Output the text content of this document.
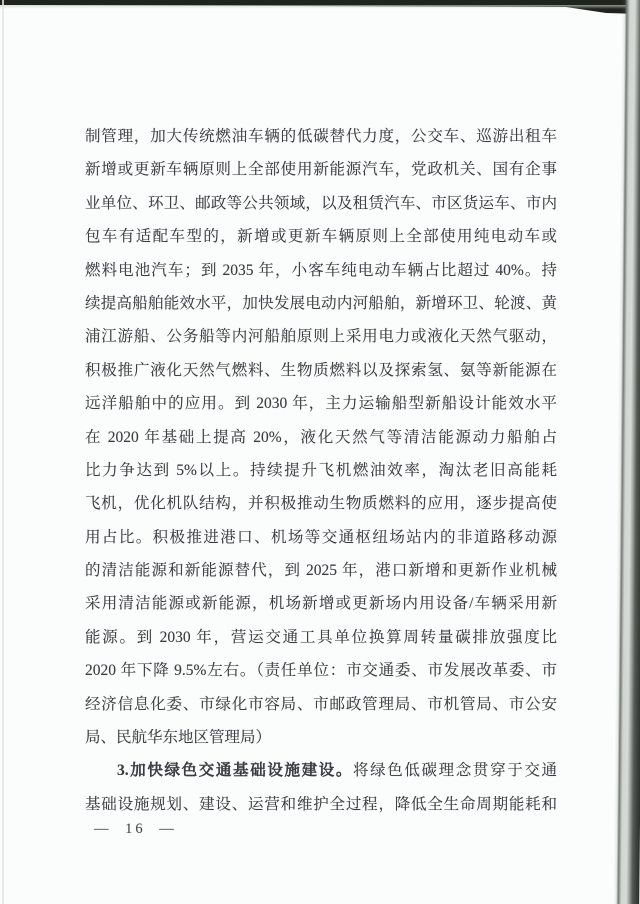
制管理，加大传统燃油车辆的低碳替代力度，公交车、巡游出租车
新增或更新车辆原则上全部使用新能源汽车，党政机关、国有企事
业单位、环卫、邮政等公共领域，以及租赁汽车、市区货运车、市内
包车有适配车型的，新增或更新车辆原则上全部使用纯电动车或
燃料电池汽车；到 2035 年，小客车纯电动车辆占比超过 40%。持
续提高船舶能效水平，加快发展电动内河船舶，新增环卫、轮渡、黄
浦江游船、公务船等内河船舶原则上采用电力或液化天然气驱动，
积极推广液化天然气燃料、生物质燃料以及探索氢、氨等新能源在
远洋船舶中的应用。到 2030 年，主力运输船型新船设计能效水平
在 2020 年基础上提高 20%，液化天然气等清洁能源动力船舶占
比力争达到 5%以上。持续提升飞机燃油效率，淘汰老旧高能耗
飞机，优化机队结构，并积极推动生物质燃料的应用，逐步提高使
用占比。积极推进港口、机场等交通枢纽场站内的非道路移动源
的清洁能源和新能源替代，到 2025 年，港口新增和更新作业机械
采用清洁能源或新能源，机场新增或更新场内用设备/车辆采用新
能源。到 2030 年，营运交通工具单位换算周转量碳排放强度比
2020 年下降 9.5%左右。（责任单位：市交通委、市发展改革委、市
经济信息化委、市绿化市容局、市邮政管理局、市机管局、市公安
局、民航华东地区管理局）
3.加快绿色交通基础设施建设。将绿色低碳理念贯穿于交通
基础设施规划、建设、运营和维护全过程，降低全生命周期能耗和
— 16 —
